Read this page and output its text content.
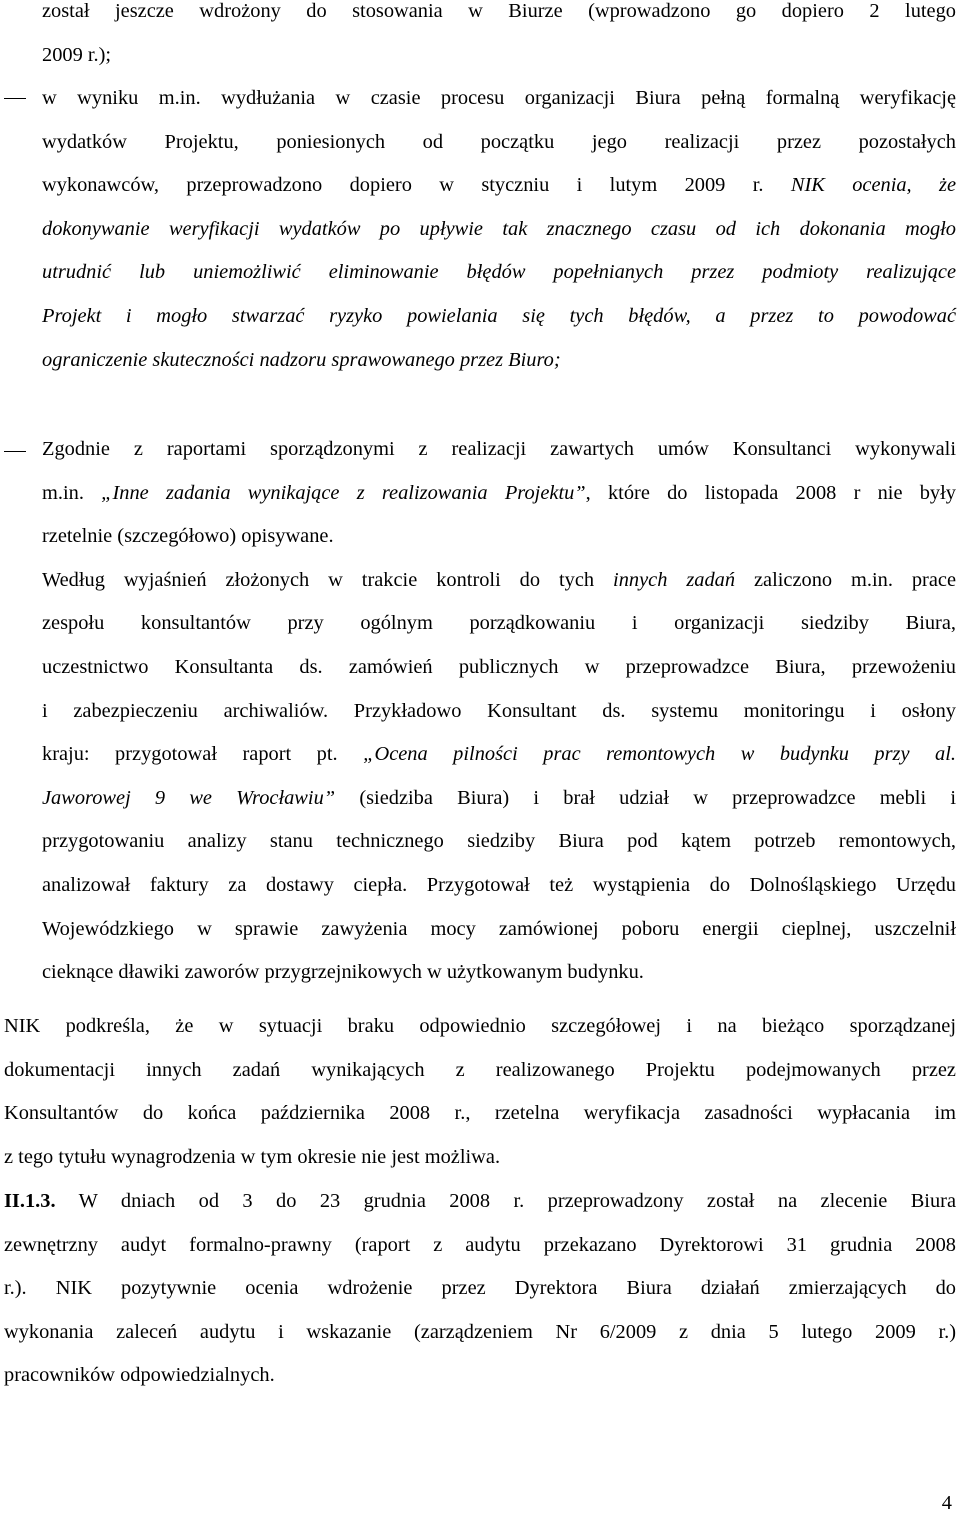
został jeszcze wdrożony do stosowania w Biurze (wprowadzono go dopiero 2 lutego
2009 r.);
w wyniku m.in. wydłużania w czasie procesu organizacji Biura pełną formalną weryfikację
wydatków Projektu, poniesionych od początku jego realizacji przez pozostałych
wykonawców, przeprowadzono dopiero w styczniu i lutym 2009 r. NIK ocenia, że
dokonywanie weryfikacji wydatków po upływie tak znacznego czasu od ich dokonania mogło
utrudnić lub uniemożliwić eliminowanie błędów popełnianych przez podmioty realizujące
Projekt i mogło stwarzać ryzyko powielania się tych błędów, a przez to powodować
ograniczenie skuteczności nadzoru sprawowanego przez Biuro;
Zgodnie z raportami sporządzonymi z realizacji zawartych umów Konsultanci wykonywali
m.in. „Inne zadania wynikające z realizowania Projektu”, które do listopada 2008 r nie były
rzetelnie (szczegółowo) opisywane.
Według wyjaśnień złożonych w trakcie kontroli do tych innych zadań zaliczono m.in. prace
zespołu konsultantów przy ogólnym porządkowaniu i organizacji siedziby Biura,
uczestnictwo Konsultanta ds. zamówień publicznych w przeprowadzce Biura, przewożeniu
i zabezpieczeniu archiwaliów. Przykładowo Konsultant ds. systemu monitoringu i osłony
kraju: przygotował raport pt. „Ocena pilności prac remontowych w budynku przy al.
Jaworowej 9 we Wrocławiu” (siedziba Biura) i brał udział w przeprowadzce mebli i
przygotowaniu analizy stanu technicznego siedziby Biura pod kątem potrzeb remontowych,
analizował faktury za dostawy ciepła. Przygotował też wystąpienia do Dolnośląskiego Urzędu
Wojewódzkiego w sprawie zawyżenia mocy zamówionej poboru energii cieplnej, uszczelnił
cieknące dławiki zaworów przygrzejnikowych w użytkowanym budynku.
NIK podkreśla, że w sytuacji braku odpowiednio szczegółowej i na bieżąco sporządzanej
dokumentacji innych zadań wynikających z realizowanego Projektu podejmowanych przez
Konsultantów do końca października 2008 r., rzetelna weryfikacja zasadności wypłacania im
z tego tytułu wynagrodzenia w tym okresie nie jest możliwa.
II.1.3. W dniach od 3 do 23 grudnia 2008 r. przeprowadzony został na zlecenie Biura
zewnętrzny audyt formalno-prawny (raport z audytu przekazano Dyrektorowi 31 grudnia 2008
r.). NIK pozytywnie ocenia wdrożenie przez Dyrektora Biura działań zmierzających do
wykonania zaleceń audytu i wskazanie (zarządzeniem Nr 6/2009 z dnia 5 lutego 2009 r.)
pracowników odpowiedzialnych.
4
